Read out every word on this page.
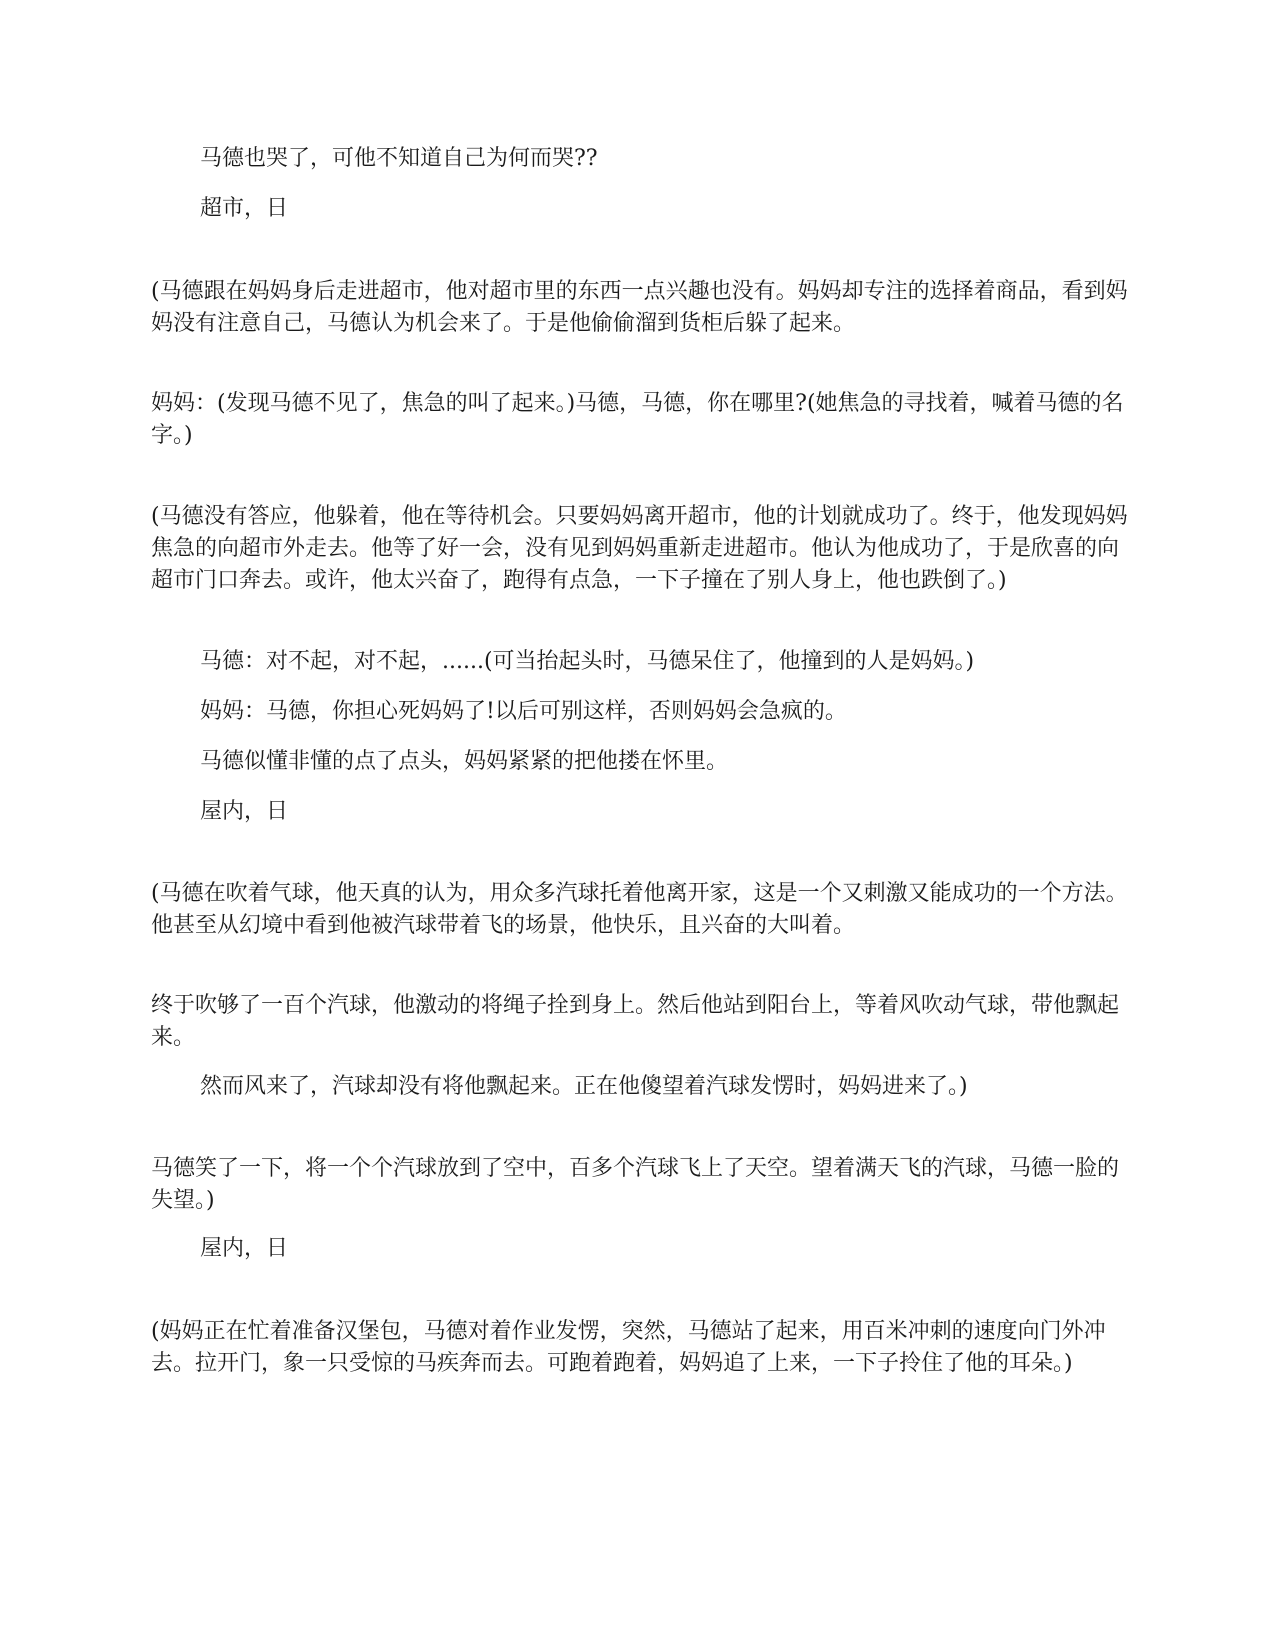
马德也哭了，可他不知道自己为何而哭??

超市，日

(马德跟在妈妈身后走进超市，他对超市里的东西一点兴趣也没有。妈妈却专注的选择着商品，看到妈妈没有注意自己，马德认为机会来了。于是他偷偷溜到货柜后躲了起来。

妈妈：(发现马德不见了，焦急的叫了起来。)马德，马德，你在哪里?(她焦急的寻找着，喊着马德的名字。)

(马德没有答应，他躲着，他在等待机会。只要妈妈离开超市，他的计划就成功了。终于，他发现妈妈焦急的向超市外走去。他等了好一会，没有见到妈妈重新走进超市。他认为他成功了，于是欣喜的向超市门口奔去。或许，他太兴奋了，跑得有点急，一下子撞在了别人身上，他也跌倒了。)

马德：对不起，对不起，......(可当抬起头时，马德呆住了，他撞到的人是妈妈。)

妈妈：马德，你担心死妈妈了!以后可别这样，否则妈妈会急疯的。

马德似懂非懂的点了点头，妈妈紧紧的把他搂在怀里。

屋内，日

(马德在吹着气球，他天真的认为，用众多汽球托着他离开家，这是一个又刺激又能成功的一个方法。他甚至从幻境中看到他被汽球带着飞的场景，他快乐，且兴奋的大叫着。

终于吹够了一百个汽球，他激动的将绳子拴到身上。然后他站到阳台上，等着风吹动气球，带他飘起来。

然而风来了，汽球却没有将他飘起来。正在他傻望着汽球发愣时，妈妈进来了。)

马德笑了一下，将一个个汽球放到了空中，百多个汽球飞上了天空。望着满天飞的汽球，马德一脸的失望。)

屋内，日

(妈妈正在忙着准备汉堡包，马德对着作业发愣，突然，马德站了起来，用百米冲刺的速度向门外冲去。拉开门，象一只受惊的马疾奔而去。可跑着跑着，妈妈追了上来，一下子拎住了他的耳朵。)
